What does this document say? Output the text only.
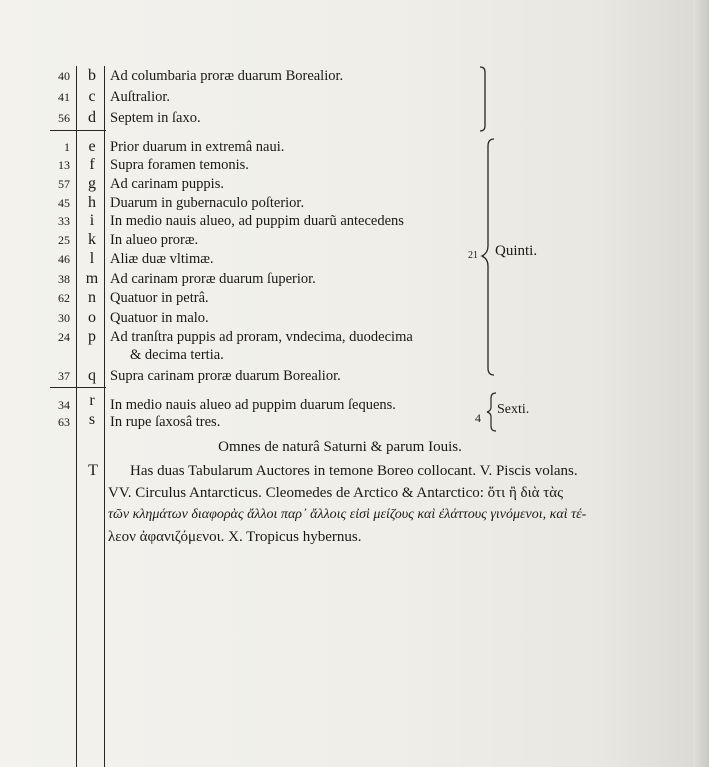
40	b Ad columbaria proræ duarum Borealior.
41	c Auſtralior.
56	d Septem in ſaxo.
1	e Prior duarum in extremâ naui.
13	f	Supra foramen temonis.
57	g Ad carinam puppis.
45	h Duarum in gubernaculo poſterior.
33	i	In medio nauis alueo, ad puppim duarũ antecedens
25	k In alueo proræ.
46	l	Aliæ duæ vltimæ.
38 m Ad carinam proræ duarum ſuperior.
62	n Quatuor in petrâ.
30	o Quatuor in malo.
24	p Ad tranſtra puppis ad proram, vndecima, duodecima
& decima tertia.
37	q Supra carinam proræ duarum Borealior.
34	r	In medio nauis alueo ad puppim duarum ſequens.
63	s	In rupe ſaxosâ tres.
21 Quinti.
4
Sexti.
Omnes de naturâ Saturni & parum Iouis.
T	Has duas Tabularum Auctores in temone Boreo collocant. V. Piscis volans.
VV. Circulus Antarcticus. Cleomedes de Arctico & Antarctico: ὅτι ἢ διὰ τὰς
τῶν κλημάτων διαφορὰς ἄλλοι παρ᾽ ἄλλοις εἰσὶ μείζους καὶ ἐλάττους γινόμενοι, καὶ τέ-
λεον ἀφανιζόμενοι. X. Tropicus hybernus.
